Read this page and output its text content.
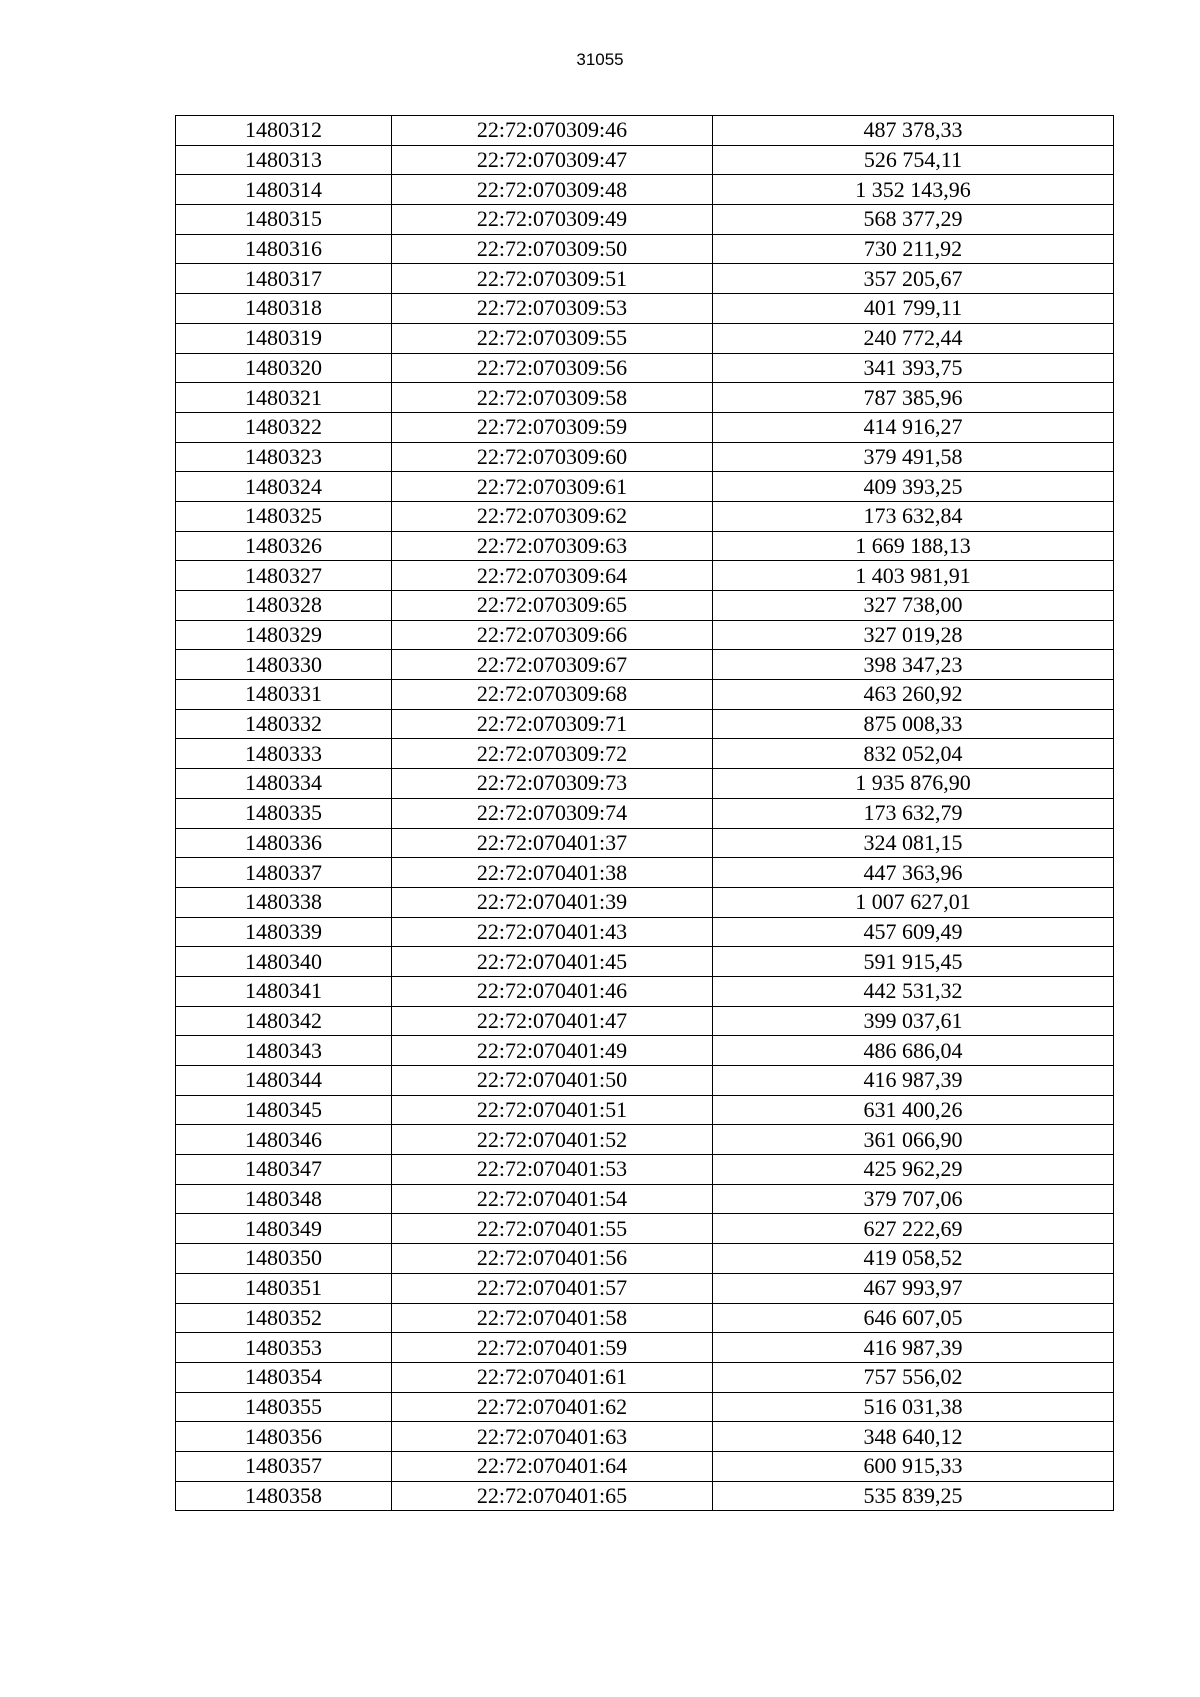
31055
1480312	22:72:070309:46	487 378,33
1480313	22:72:070309:47	526 754,11
1480314	22:72:070309:48	1 352 143,96
1480315	22:72:070309:49	568 377,29
1480316	22:72:070309:50	730 211,92
1480317	22:72:070309:51	357 205,67
1480318	22:72:070309:53	401 799,11
1480319	22:72:070309:55	240 772,44
1480320	22:72:070309:56	341 393,75
1480321	22:72:070309:58	787 385,96
1480322	22:72:070309:59	414 916,27
1480323	22:72:070309:60	379 491,58
1480324	22:72:070309:61	409 393,25
1480325	22:72:070309:62	173 632,84
1480326	22:72:070309:63	1 669 188,13
1480327	22:72:070309:64	1 403 981,91
1480328	22:72:070309:65	327 738,00
1480329	22:72:070309:66	327 019,28
1480330	22:72:070309:67	398 347,23
1480331	22:72:070309:68	463 260,92
1480332	22:72:070309:71	875 008,33
1480333	22:72:070309:72	832 052,04
1480334	22:72:070309:73	1 935 876,90
1480335	22:72:070309:74	173 632,79
1480336	22:72:070401:37	324 081,15
1480337	22:72:070401:38	447 363,96
1480338	22:72:070401:39	1 007 627,01
1480339	22:72:070401:43	457 609,49
1480340	22:72:070401:45	591 915,45
1480341	22:72:070401:46	442 531,32
1480342	22:72:070401:47	399 037,61
1480343	22:72:070401:49	486 686,04
1480344	22:72:070401:50	416 987,39
1480345	22:72:070401:51	631 400,26
1480346	22:72:070401:52	361 066,90
1480347	22:72:070401:53	425 962,29
1480348	22:72:070401:54	379 707,06
1480349	22:72:070401:55	627 222,69
1480350	22:72:070401:56	419 058,52
1480351	22:72:070401:57	467 993,97
1480352	22:72:070401:58	646 607,05
1480353	22:72:070401:59	416 987,39
1480354	22:72:070401:61	757 556,02
1480355	22:72:070401:62	516 031,38
1480356	22:72:070401:63	348 640,12
1480357	22:72:070401:64	600 915,33
1480358	22:72:070401:65	535 839,25
